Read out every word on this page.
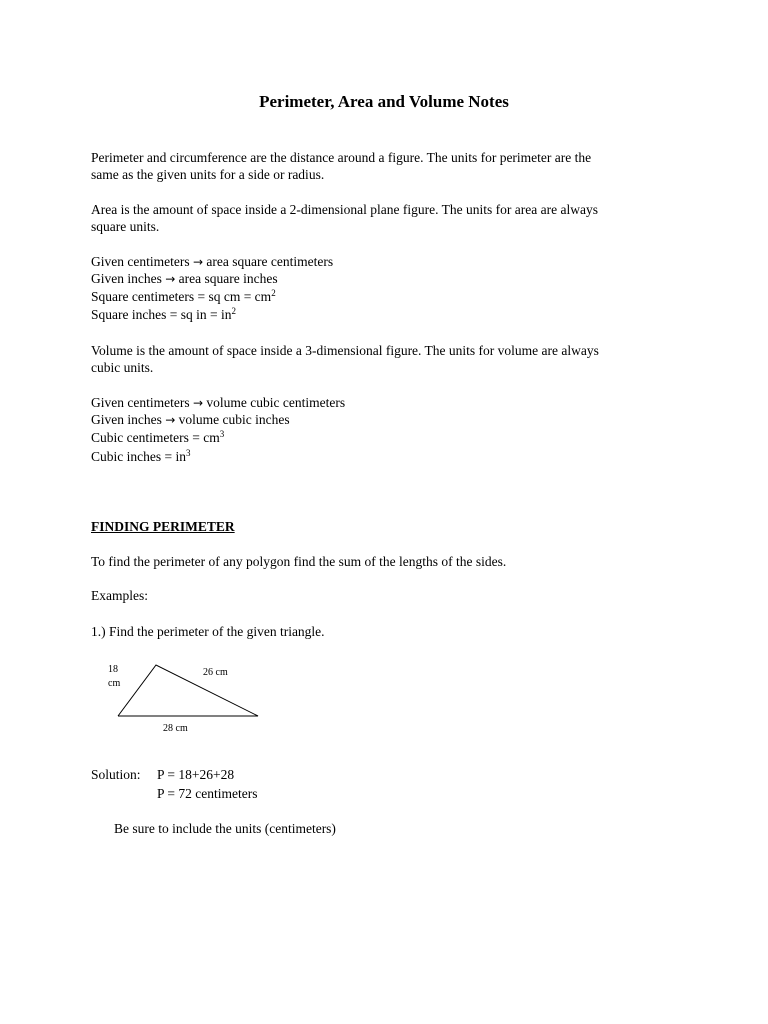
Perimeter, Area and Volume Notes
Perimeter and circumference are the distance around a figure. The units for perimeter are the
same as the given units for a side or radius.
Area is the amount of space inside a 2-dimensional plane figure. The units for area are always
square units.
Given centimeters → area square centimeters
Given inches → area square inches
Square centimeters = sq cm = $cm^2$
Square inches = sq in = $in^2$
Volume is the amount of space inside a 3-dimensional figure. The units for volume are always
cubic units.
Given centimeters → volume cubic centimeters
Given inches → volume cubic inches
Cubic centimeters = $cm^3$
Cubic inches = $in^3$
FINDING PERIMETER
To find the perimeter of any polygon find the sum of the lengths of the sides.
Examples:
1.) Find the perimeter of the given triangle.
18
cm
26 cm
28 cm
Solution: P = 18+26+28
P = 72 centimeters
Be sure to include the units (centimeters)
